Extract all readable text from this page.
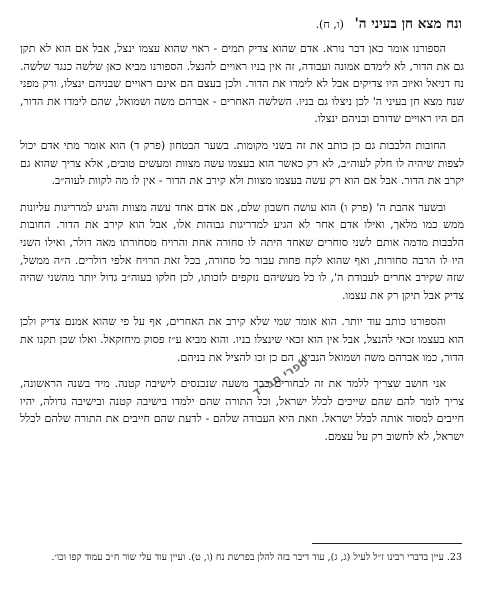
ונח מצא חן בעיני ה' (ו, ח).

הספורנו אומר כאן דבר נורא. אדם שהוא צדיק תמים - ראוי שהוא עצמו ינצל, אבל אם הוא לא תקן גם את הדור, לא לימדם אמונה ועבודה, זה אין בניו ראויים להנצל. הספורנו מביא כאן שלשה כנגד שלשה. נח דניאל ואיוב היו צדיקים אבל לא לימדו את הדור. ולכן בעצם הם אינם ראויים שבניהם ינצלו, ורק מפני שנח מצא חן בעיני ה' לכן ניצלו גם בניו. השלשה האחרים - אברהם משה ושמואל, שהם לימדו את הדור, הם היו ראויים שדורם ובניהם ינצלו.

החובות הלבבות גם כן כותב את זה בשני מקומות. בשער הבטחון (פרק ד) הוא אומר מתי אדם יכול לצפות שיהיה לו חלק לעוה״ב, לא רק כאשר הוא בעצמו עשה מצוות ומעשים טובים, אלא צריך שהוא גם יקרב את הדור. אבל אם הוא רק עשה בעצמו מצוות ולא קירב את הדור - אין לו מה לקוות לעוה״ב.

ובשער אהבת ה' (פרק ו) הוא עושה חשבון שלם, אם אדם אחד עשה מצוות והגיע למדריגות עליונות ממש כמו מלאך, ואילו אדם אחר לא הגיע למדריגות גבוהות אלו, אבל הוא קירב את הדור. החובות הלבבות מדמה אותם לשני סוחרים שאחד היתה לו סחורה אחת והרויח מסחורתו מאה דולר, ואילו השני היו לו הרבה סחורות, ואף שהוא לקח פחות עבור כל סחורה, בכל זאת הרויח אלפי דולרים. ה״ה ממשל, שזה שקירב אחרים לעבודת ה', לו כל מעשיהם נזקפים לזכותו, לכן חלקו בעוה״ב גדול יותר מהשני שהיה צדיק אבל תיקן רק את עצמו.

והספורנו כותב עוד יותר. הוא אומר שמי שלא קירב את האחרים, אף על פי שהוא אמנם צדיק ולכן הוא בעצמו זכאי להנצל, אבל אין הוא זכאי שינצלו בניו. והוא מביא ע״ז פסוק מיחזקאל. ואלו שכן תקנו את הדור, כמו אברהם משה ושמואל הנביא, הם כן זכו להציל את בניהם.

אני חושב שצריך ללמד את זה לבחורים כבר משעה שנכנסים לישיבה קטנה. מיד בשנה הראשונה, צריך לומר להם שהם שייכים לכלל ישראל, וכל התורה שהם ילמדו בישיבה קטנה ובישיבה גדולה, יהיו חייבים למסור אותה לכלל ישראל. וזאת היא העבודה שלהם - לדעת שהם חייבים את התורה שלהם לכלל ישראל, לא לחשוב רק על עצמם.

ספרי חב״ד
23. עיין בדברי רבינו ז״ל לעיל (ג, ג), עוד דיבר בזה להלן בפרשת נח (ו, ט). ועיין עוד עלי שור ח״ב עמוד קפו וכו׳.
